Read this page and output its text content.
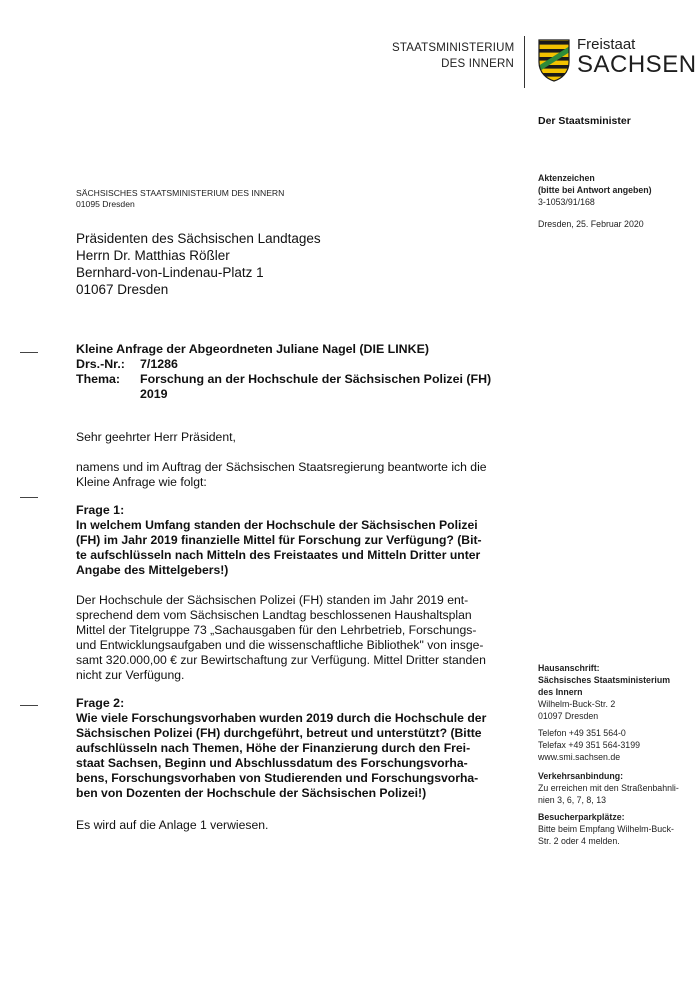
STAATSMINISTERIUM
DES INNERN
Freistaat
SACHSEN
Der Staatsminister
Aktenzeichen
(bitte bei Antwort angeben)
3-1053/91/168
Dresden, 25. Februar 2020
SÄCHSISCHES STAATSMINISTERIUM DES INNERN
01095 Dresden
Präsidenten des Sächsischen Landtages
Herrn Dr. Matthias Rößler
Bernhard-von-Lindenau-Platz 1
01067 Dresden
Kleine Anfrage der Abgeordneten Juliane Nagel (DIE LINKE)
Drs.-Nr.:	7/1286
Thema:	Forschung an der Hochschule der Sächsischen Polizei (FH)
2019
Sehr geehrter Herr Präsident,
namens und im Auftrag der Sächsischen Staatsregierung beantworte ich die
Kleine Anfrage wie folgt:
Frage 1:
In welchem Umfang standen der Hochschule der Sächsischen Polizei
(FH) im Jahr 2019 finanzielle Mittel für Forschung zur Verfügung? (Bit-
te aufschlüsseln nach Mitteln des Freistaates und Mitteln Dritter unter
Angabe des Mittelgebers!)
Der Hochschule der Sächsischen Polizei (FH) standen im Jahr 2019 ent-
sprechend dem vom Sächsischen Landtag beschlossenen Haushaltsplan
Mittel der Titelgruppe 73 „Sachausgaben für den Lehrbetrieb, Forschungs-
und Entwicklungsaufgaben und die wissenschaftliche Bibliothek" von insge-
samt 320.000,00 € zur Bewirtschaftung zur Verfügung. Mittel Dritter standen
nicht zur Verfügung.
Frage 2:
Wie viele Forschungsvorhaben wurden 2019 durch die Hochschule der
Sächsischen Polizei (FH) durchgeführt, betreut und unterstützt? (Bitte
aufschlüsseln nach Themen, Höhe der Finanzierung durch den Frei-
staat Sachsen, Beginn und Abschlussdatum des Forschungsvorha-
bens, Forschungsvorhaben von Studierenden und Forschungsvorha-
ben von Dozenten der Hochschule der Sächsischen Polizei!)
Es wird auf die Anlage 1 verwiesen.
Hausanschrift:
Sächsisches Staatsministerium
des Innern
Wilhelm-Buck-Str. 2
01097 Dresden
Telefon +49 351 564-0
Telefax +49 351 564-3199
www.smi.sachsen.de
Verkehrsanbindung:
Zu erreichen mit den Straßenbahnli-
nien 3, 6, 7, 8, 13
Besucherparkplätze:
Bitte beim Empfang Wilhelm-Buck-
Str. 2 oder 4 melden.
